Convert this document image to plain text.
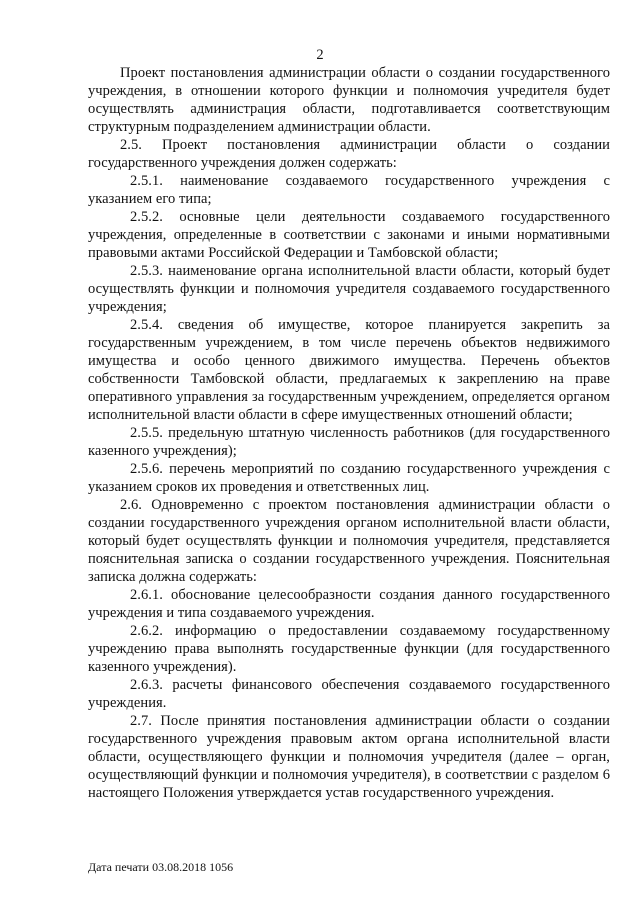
2

Проект постановления администрации области о создании государственного учреждения, в отношении которого функции и полномочия учредителя будет осуществлять администрация области, подготавливается соответствующим структурным подразделением администрации области.

2.5. Проект постановления администрации области о создании государственного учреждения должен содержать:

2.5.1. наименование создаваемого государственного учреждения с указанием его типа;

2.5.2. основные цели деятельности создаваемого государственного учреждения, определенные в соответствии с законами и иными нормативными правовыми актами Российской Федерации и Тамбовской области;

2.5.3. наименование органа исполнительной власти области, который будет осуществлять функции и полномочия учредителя создаваемого государственного учреждения;

2.5.4. сведения об имуществе, которое планируется закрепить за государственным учреждением, в том числе перечень объектов недвижимого имущества и особо ценного движимого имущества. Перечень объектов собственности Тамбовской области, предлагаемых к закреплению на праве оперативного управления за государственным учреждением, определяется органом исполнительной власти области в сфере имущественных отношений области;

2.5.5. предельную штатную численность работников (для государственного казенного учреждения);

2.5.6. перечень мероприятий по созданию государственного учреждения с указанием сроков их проведения и ответственных лиц.

2.6. Одновременно с проектом постановления администрации области о создании государственного учреждения органом исполнительной власти области, который будет осуществлять функции и полномочия учредителя, представляется пояснительная записка о создании государственного учреждения. Пояснительная записка должна содержать:

2.6.1. обоснование целесообразности создания данного государственного учреждения и типа создаваемого учреждения.

2.6.2. информацию о предоставлении создаваемому государственному учреждению права выполнять государственные функции (для государственного казенного учреждения).

2.6.3. расчеты финансового обеспечения создаваемого государственного учреждения.

2.7. После принятия постановления администрации области о создании государственного учреждения правовым актом органа исполнительной власти области, осуществляющего функции и полномочия учредителя (далее – орган, осуществляющий функции и полномочия учредителя), в соответствии с разделом 6 настоящего Положения утверждается устав государственного учреждения.

Дата печати 03.08.2018 1056
